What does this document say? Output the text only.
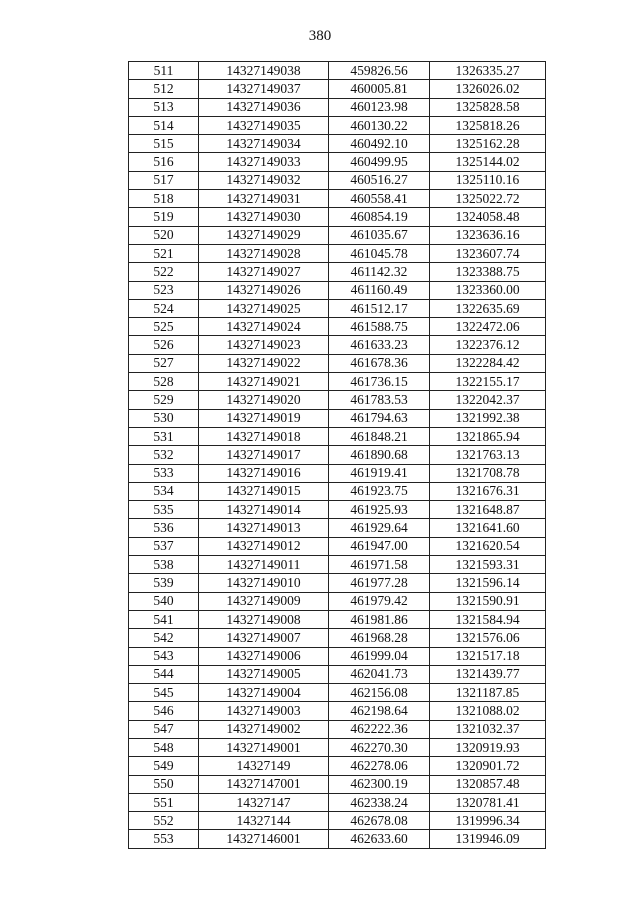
380
511	14327149038	459826.56	1326335.27
512	14327149037	460005.81	1326026.02
513	14327149036	460123.98	1325828.58
514	14327149035	460130.22	1325818.26
515	14327149034	460492.10	1325162.28
516	14327149033	460499.95	1325144.02
517	14327149032	460516.27	1325110.16
518	14327149031	460558.41	1325022.72
519	14327149030	460854.19	1324058.48
520	14327149029	461035.67	1323636.16
521	14327149028	461045.78	1323607.74
522	14327149027	461142.32	1323388.75
523	14327149026	461160.49	1323360.00
524	14327149025	461512.17	1322635.69
525	14327149024	461588.75	1322472.06
526	14327149023	461633.23	1322376.12
527	14327149022	461678.36	1322284.42
528	14327149021	461736.15	1322155.17
529	14327149020	461783.53	1322042.37
530	14327149019	461794.63	1321992.38
531	14327149018	461848.21	1321865.94
532	14327149017	461890.68	1321763.13
533	14327149016	461919.41	1321708.78
534	14327149015	461923.75	1321676.31
535	14327149014	461925.93	1321648.87
536	14327149013	461929.64	1321641.60
537	14327149012	461947.00	1321620.54
538	14327149011	461971.58	1321593.31
539	14327149010	461977.28	1321596.14
540	14327149009	461979.42	1321590.91
541	14327149008	461981.86	1321584.94
542	14327149007	461968.28	1321576.06
543	14327149006	461999.04	1321517.18
544	14327149005	462041.73	1321439.77
545	14327149004	462156.08	1321187.85
546	14327149003	462198.64	1321088.02
547	14327149002	462222.36	1321032.37
548	14327149001	462270.30	1320919.93
549	14327149	462278.06	1320901.72
550	14327147001	462300.19	1320857.48
551	14327147	462338.24	1320781.41
552	14327144	462678.08	1319996.34
553	14327146001	462633.60	1319946.09
